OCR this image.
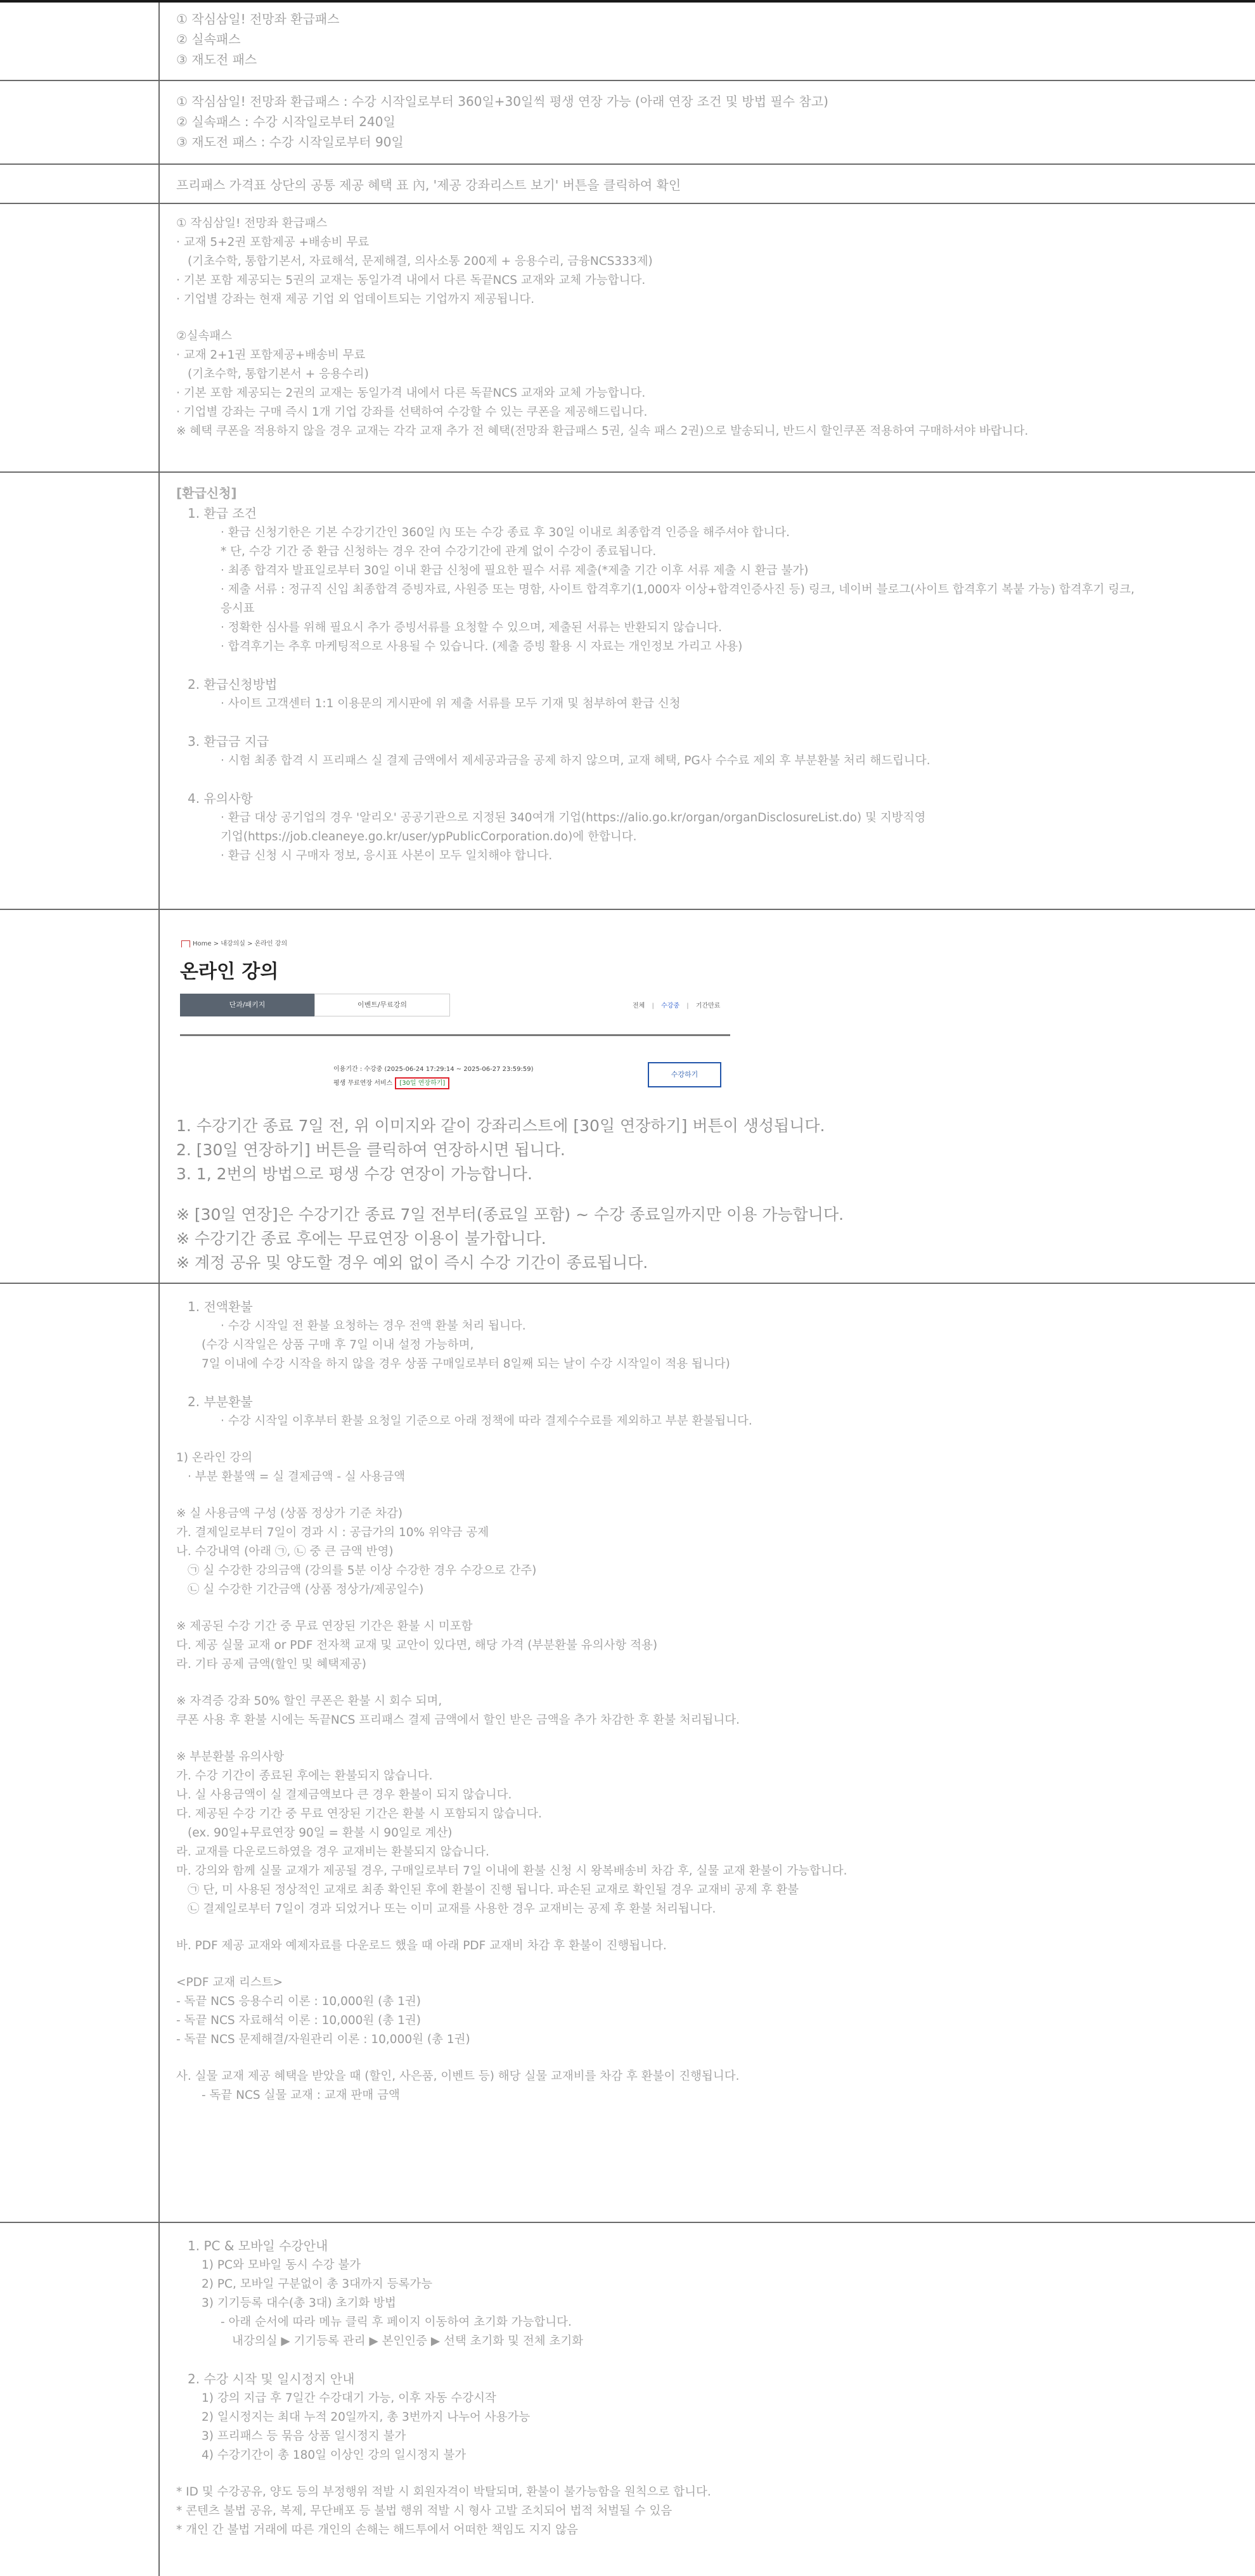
① 작심삼일! 전망좌 환급패스
② 실속패스
③ 재도전 패스
① 작심삼일! 전망좌 환급패스 : 수강 시작일로부터 360일+30일씩 평생 연장 가능 (아래 연장 조건 및 방법 필수 참고)
② 실속패스 : 수강 시작일로부터 240일
③ 재도전 패스 : 수강 시작일로부터 90일
프리패스 가격표 상단의 공통 제공 혜택 표 內, '제공 강좌리스트 보기' 버튼을 클릭하여 확인
① 작심삼일! 전망좌 환급패스
· 교재 5+2권 포함제공 +배송비 무료
(기초수학, 통합기본서, 자료해석, 문제해결, 의사소통 200제 + 응용수리, 금융NCS333제)
· 기본 포함 제공되는 5권의 교재는 동일가격 내에서 다른 독끝NCS 교재와 교체 가능합니다.
· 기업별 강좌는 현재 제공 기업 외 업데이트되는 기업까지 제공됩니다.
②실속패스
· 교재 2+1권 포함제공+배송비 무료
(기초수학, 통합기본서 + 응용수리)
· 기본 포함 제공되는 2권의 교재는 동일가격 내에서 다른 독끝NCS 교재와 교체 가능합니다.
· 기업별 강좌는 구매 즉시 1개 기업 강좌를 선택하여 수강할 수 있는 쿠폰을 제공해드립니다.
※ 혜택 쿠폰을 적용하지 않을 경우 교재는 각각 교재 추가 전 혜택(전망좌 환급패스 5권, 실속 패스 2권)으로 발송되니, 반드시 할인쿠폰 적용하여 구매하셔야 바랍니다.
[환급신청]
1. 환급 조건
· 환급 신청기한은 기본 수강기간인 360일 內 또는 수강 종료 후 30일 이내로 최종합격 인증을 해주셔야 합니다.
* 단, 수강 기간 중 환급 신청하는 경우 잔여 수강기간에 관계 없이 수강이 종료됩니다.
· 최종 합격자 발표일로부터 30일 이내 환급 신청에 필요한 필수 서류 제출(*제출 기간 이후 서류 제출 시 환급 불가)
· 제출 서류 : 정규직 신입 최종합격 증빙자료, 사원증 또는 명함, 사이트 합격후기(1,000자 이상+합격인증사진 등) 링크, 네이버 블로그(사이트 합격후기 복붙 가능) 합격후기 링크,
응시표
· 정확한 심사를 위해 필요시 추가 증빙서류를 요청할 수 있으며, 제출된 서류는 반환되지 않습니다.
· 합격후기는 추후 마케팅적으로 사용될 수 있습니다. (제출 증빙 활용 시 자료는 개인정보 가리고 사용)
2. 환급신청방법
· 사이트 고객센터 1:1 이용문의 게시판에 위 제출 서류를 모두 기재 및 첨부하여 환급 신청
3. 환급금 지급
· 시험 최종 합격 시 프리패스 실 결제 금액에서 제세공과금을 공제 하지 않으며, 교재 혜택, PG사 수수료 제외 후 부분환불 처리 해드립니다.
4. 유의사항
· 환급 대상 공기업의 경우 '알리오' 공공기관으로 지정된 340여개 기업(https://alio.go.kr/organ/organDisclosureList.do) 및 지방직영
기업(https://job.cleaneye.go.kr/user/ypPublicCorporation.do)에 한합니다.
· 환급 신청 시 구매자 정보, 응시표 사본이 모두 일치해야 합니다.
Home > 내강의실 > 온라인 강의
온라인 강의
단과/패키지	이벤트/무료강의	전체 | 수강중 | 기간만료
이용기간 : 수강중 (2025-06-24 17:29:14 ~ 2025-06-27 23:59:59)
평생 무료연장 서비스 [30일 연장하기]
수강하기
1. 수강기간 종료 7일 전, 위 이미지와 같이 강좌리스트에 [30일 연장하기] 버튼이 생성됩니다.
2. [30일 연장하기] 버튼을 클릭하여 연장하시면 됩니다.
3. 1, 2번의 방법으로 평생 수강 연장이 가능합니다.
※ [30일 연장]은 수강기간 종료 7일 전부터(종료일 포함) ~ 수강 종료일까지만 이용 가능합니다.
※ 수강기간 종료 후에는 무료연장 이용이 불가합니다.
※ 계정 공유 및 양도할 경우 예외 없이 즉시 수강 기간이 종료됩니다.
1. 전액환불
· 수강 시작일 전 환불 요청하는 경우 전액 환불 처리 됩니다.
(수강 시작일은 상품 구매 후 7일 이내 설정 가능하며,
7일 이내에 수강 시작을 하지 않을 경우 상품 구매일로부터 8일째 되는 날이 수강 시작일이 적용 됩니다)
2. 부분환불
· 수강 시작일 이후부터 환불 요청일 기준으로 아래 정책에 따라 결제수수료를 제외하고 부분 환불됩니다.
1) 온라인 강의
· 부분 환불액 = 실 결제금액 - 실 사용금액
※ 실 사용금액 구성 (상품 정상가 기준 차감)
가. 결제일로부터 7일이 경과 시 : 공급가의 10% 위약금 공제
나. 수강내역 (아래 ㉠, ㉡ 중 큰 금액 반영)
㉠ 실 수강한 강의금액 (강의를 5분 이상 수강한 경우 수강으로 간주)
㉡ 실 수강한 기간금액 (상품 정상가/제공일수)
※ 제공된 수강 기간 중 무료 연장된 기간은 환불 시 미포함
다. 제공 실물 교재 or PDF 전자책 교재 및 교안이 있다면, 해당 가격 (부분환불 유의사항 적용)
라. 기타 공제 금액(할인 및 혜택제공)
※ 자격증 강좌 50% 할인 쿠폰은 환불 시 회수 되며,
쿠폰 사용 후 환불 시에는 독끝NCS 프리패스 결제 금액에서 할인 받은 금액을 추가 차감한 후 환불 처리됩니다.
※ 부분환불 유의사항
가. 수강 기간이 종료된 후에는 환불되지 않습니다.
나. 실 사용금액이 실 결제금액보다 큰 경우 환불이 되지 않습니다.
다. 제공된 수강 기간 중 무료 연장된 기간은 환불 시 포함되지 않습니다.
(ex. 90일+무료연장 90일 = 환불 시 90일로 계산)
라. 교재를 다운로드하였을 경우 교재비는 환불되지 않습니다.
마. 강의와 함께 실물 교재가 제공될 경우, 구매일로부터 7일 이내에 환불 신청 시 왕복배송비 차감 후, 실물 교재 환불이 가능합니다.
㉠ 단, 미 사용된 정상적인 교재로 최종 확인된 후에 환불이 진행 됩니다. 파손된 교재로 확인될 경우 교재비 공제 후 환불
㉡ 결제일로부터 7일이 경과 되었거나 또는 이미 교재를 사용한 경우 교재비는 공제 후 환불 처리됩니다.
바. PDF 제공 교재와 예제자료를 다운로드 했을 때 아래 PDF 교재비 차감 후 환불이 진행됩니다.
<PDF 교재 리스트>
- 독끝 NCS 응용수리 이론 : 10,000원 (총 1권)
- 독끝 NCS 자료해석 이론 : 10,000원 (총 1권)
- 독끝 NCS 문제해결/자원관리 이론 : 10,000원 (총 1권)
사. 실물 교재 제공 혜택을 받았을 때 (할인, 사은품, 이벤트 등) 해당 실물 교재비를 차감 후 환불이 진행됩니다.
- 독끝 NCS 실물 교재 : 교재 판매 금액
1. PC & 모바일 수강안내
1) PC와 모바일 동시 수강 불가
2) PC, 모바일 구분없이 총 3대까지 등록가능
3) 기기등록 대수(총 3대) 초기화 방법
- 아래 순서에 따라 메뉴 클릭 후 페이지 이동하여 초기화 가능합니다.
내강의실 ▶ 기기등록 관리 ▶ 본인인증 ▶ 선택 초기화 및 전체 초기화
2. 수강 시작 및 일시정지 안내
1) 강의 지급 후 7일간 수강대기 가능, 이후 자동 수강시작
2) 일시정지는 최대 누적 20일까지, 총 3번까지 나누어 사용가능
3) 프리패스 등 묶음 상품 일시정지 불가
4) 수강기간이 총 180일 이상인 강의 일시정지 불가
* ID 및 수강공유, 양도 등의 부정행위 적발 시 회원자격이 박탈되며, 환불이 불가능함을 원칙으로 합니다.
* 콘텐츠 불법 공유, 복제, 무단배포 등 불법 행위 적발 시 형사 고발 조치되어 법적 처벌될 수 있음
* 개인 간 불법 거래에 따른 개인의 손해는 해드투에서 어떠한 책임도 지지 않음
